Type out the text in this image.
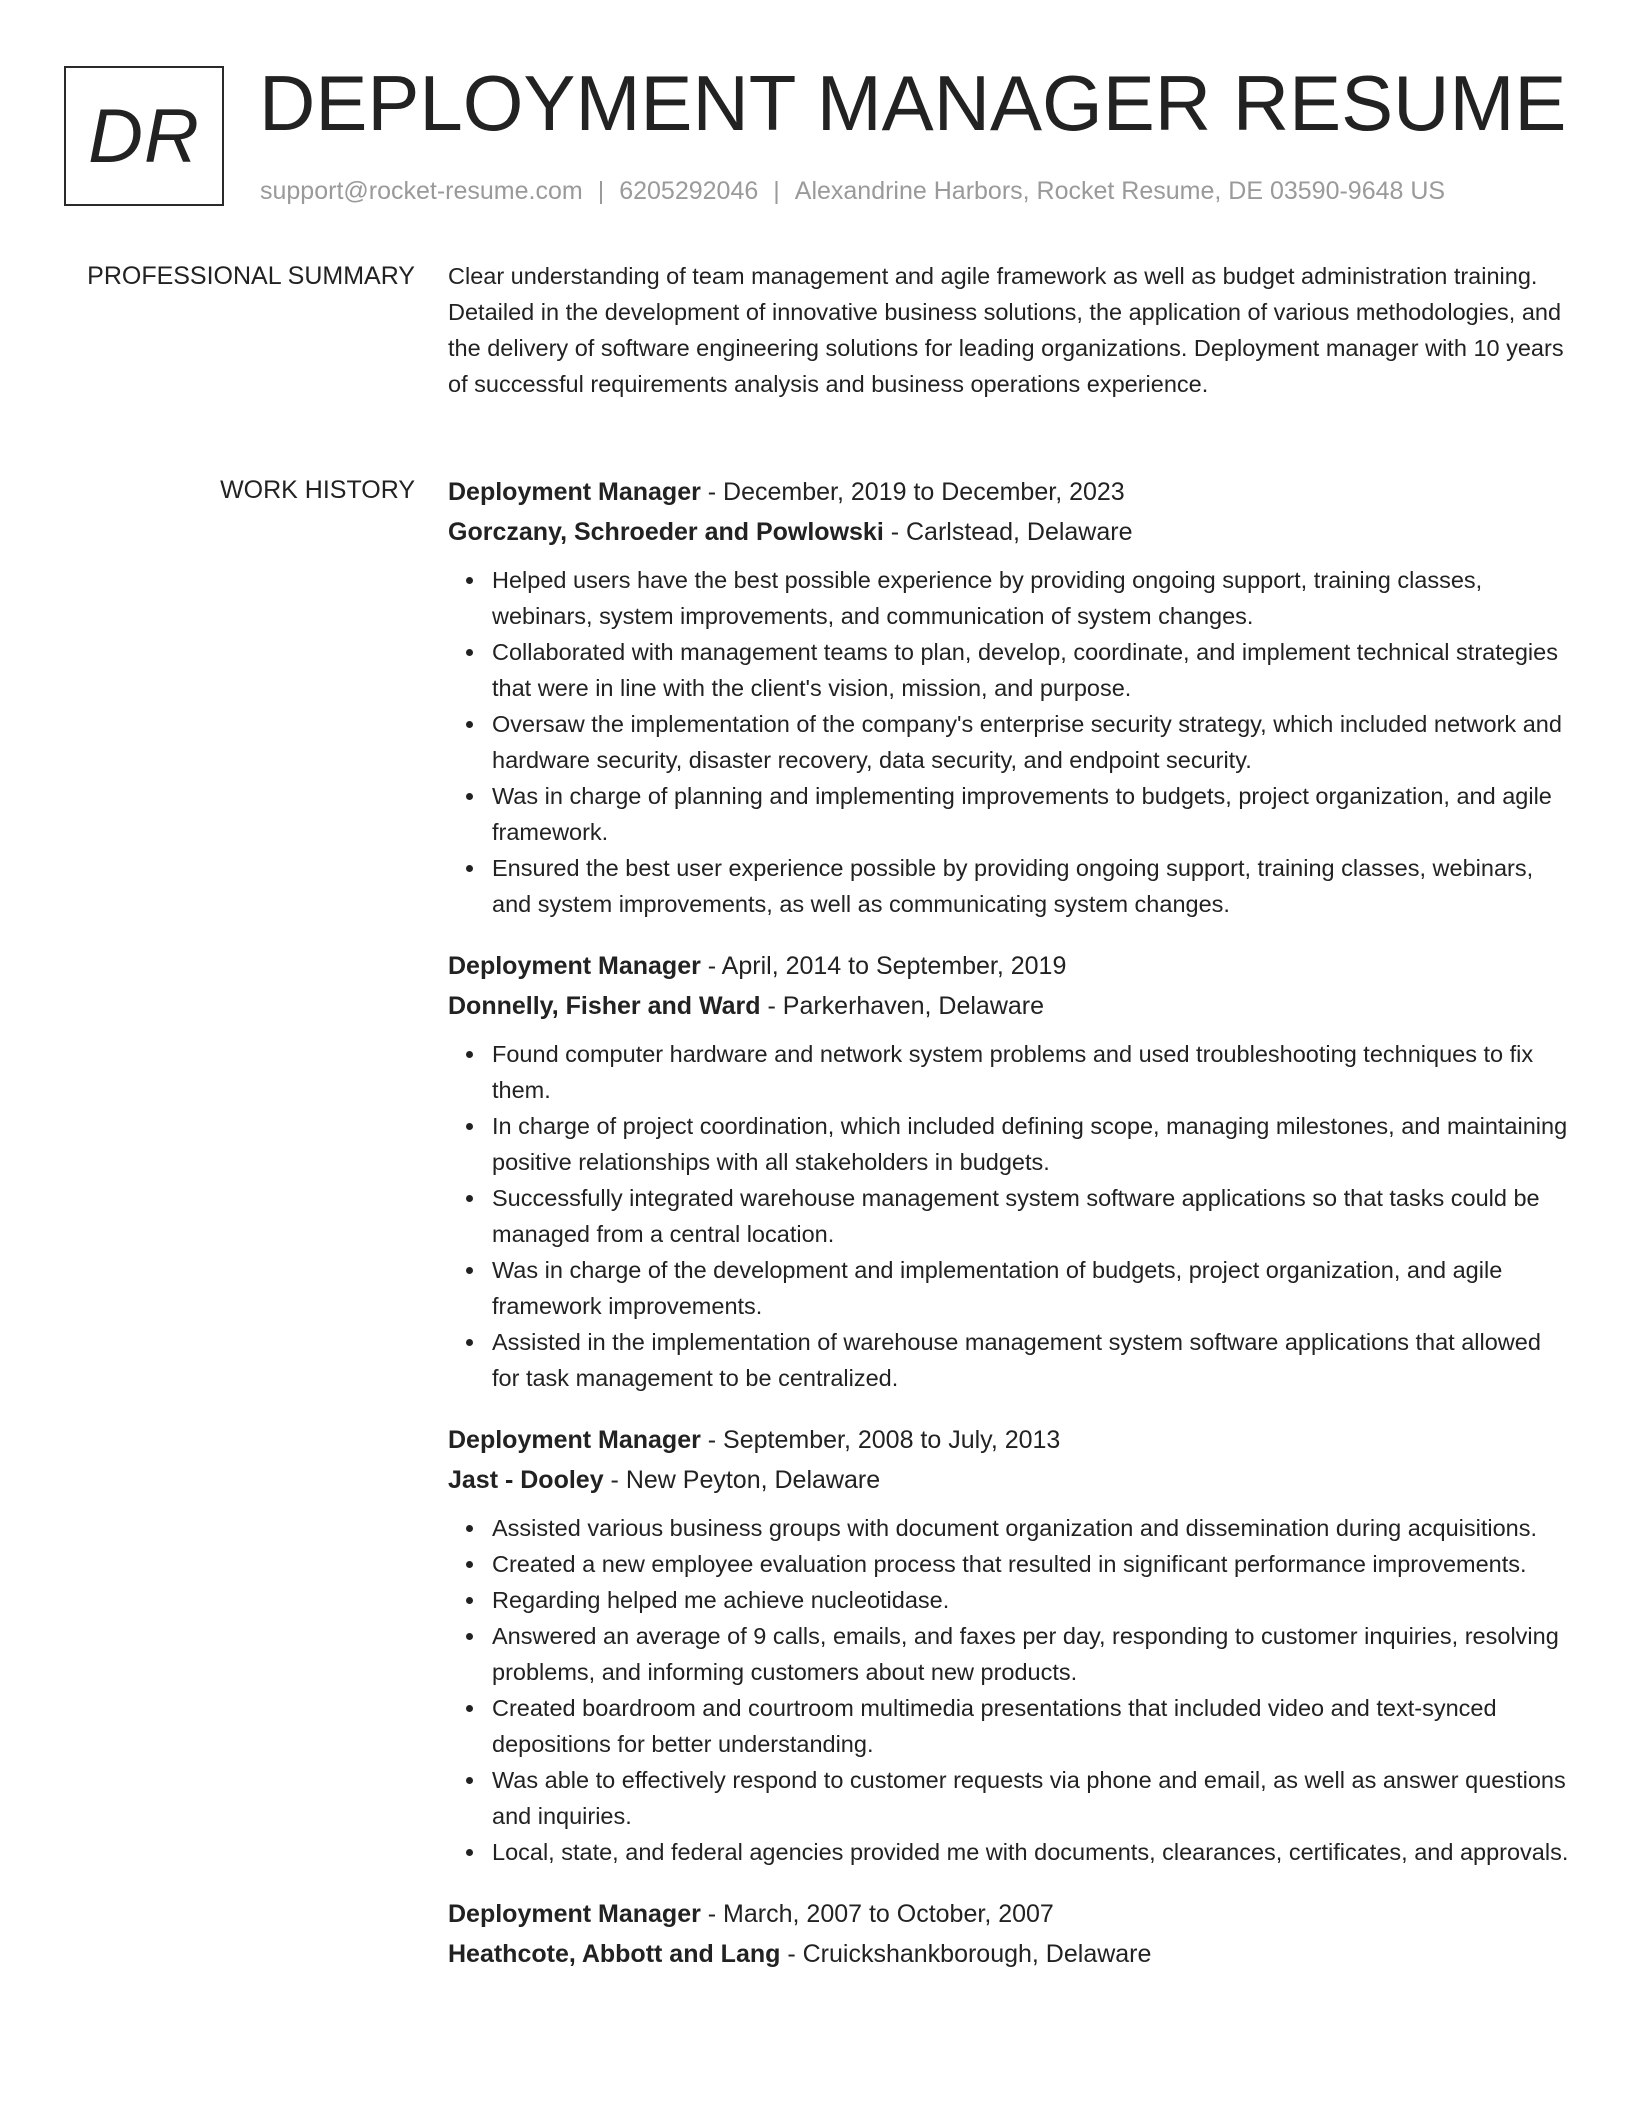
DR DEPLOYMENT MANAGER RESUME
support@rocket-resume.com | 6205292046 | Alexandrine Harbors, Rocket Resume, DE 03590-9648 US
PROFESSIONAL SUMMARY Clear understanding of team management and agile framework as well as budget administration training. Detailed in the development of innovative business solutions, the application of various methodologies, and the delivery of software engineering solutions for leading organizations. Deployment manager with 10 years of successful requirements analysis and business operations experience.

WORK HISTORY Deployment Manager - December, 2019 to December, 2023
Gorczany, Schroeder and Powlowski - Carlstead, Delaware
Helped users have the best possible experience by providing ongoing support, training classes, webinars, system improvements, and communication of system changes.
Collaborated with management teams to plan, develop, coordinate, and implement technical strategies that were in line with the client's vision, mission, and purpose.
Oversaw the implementation of the company's enterprise security strategy, which included network and hardware security, disaster recovery, data security, and endpoint security.
Was in charge of planning and implementing improvements to budgets, project organization, and agile framework.
Ensured the best user experience possible by providing ongoing support, training classes, webinars, and system improvements, as well as communicating system changes.
Deployment Manager - April, 2014 to September, 2019
Donnelly, Fisher and Ward - Parkerhaven, Delaware
Found computer hardware and network system problems and used troubleshooting techniques to fix them.
In charge of project coordination, which included defining scope, managing milestones, and maintaining positive relationships with all stakeholders in budgets.
Successfully integrated warehouse management system software applications so that tasks could be managed from a central location.
Was in charge of the development and implementation of budgets, project organization, and agile framework improvements.
Assisted in the implementation of warehouse management system software applications that allowed for task management to be centralized.
Deployment Manager - September, 2008 to July, 2013
Jast - Dooley - New Peyton, Delaware
Assisted various business groups with document organization and dissemination during acquisitions.
Created a new employee evaluation process that resulted in significant performance improvements.
Regarding helped me achieve nucleotidase.
Answered an average of 9 calls, emails, and faxes per day, responding to customer inquiries, resolving problems, and informing customers about new products.
Created boardroom and courtroom multimedia presentations that included video and text-synced depositions for better understanding.
Was able to effectively respond to customer requests via phone and email, as well as answer questions and inquiries.
Local, state, and federal agencies provided me with documents, clearances, certificates, and approvals.
Deployment Manager - March, 2007 to October, 2007
Heathcote, Abbott and Lang - Cruickshankborough, Delaware
